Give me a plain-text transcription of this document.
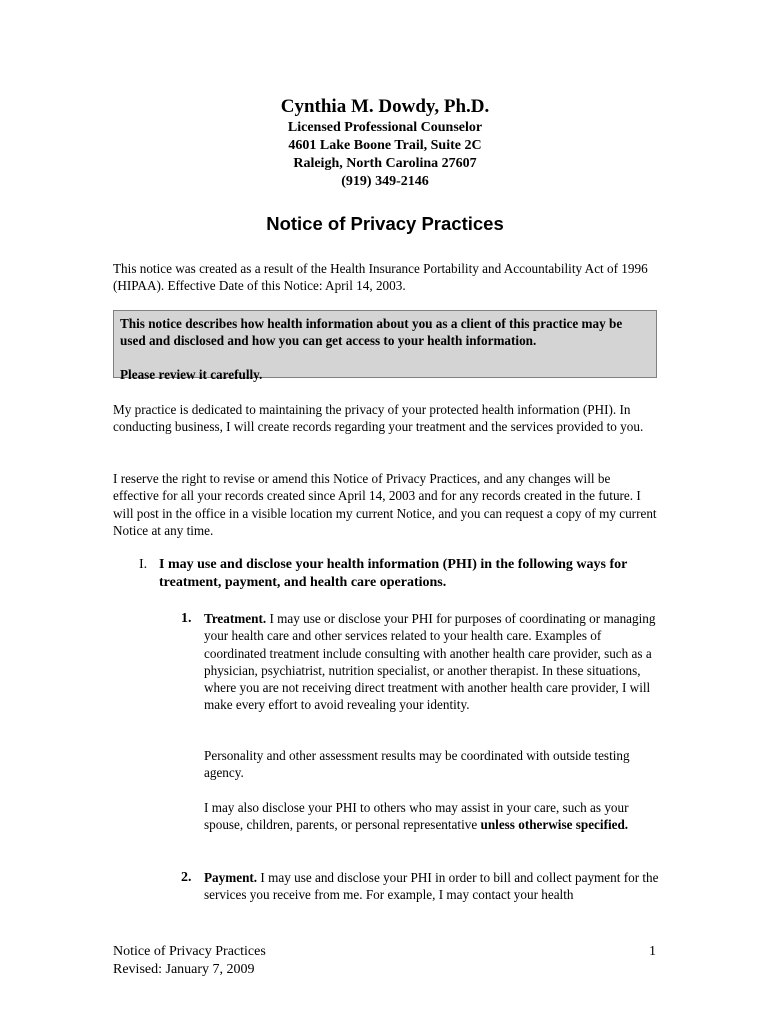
Cynthia M. Dowdy, Ph.D.
Licensed Professional Counselor
4601 Lake Boone Trail, Suite 2C
Raleigh, North Carolina 27607
(919) 349-2146
Notice of Privacy Practices

This notice was created as a result of the Health Insurance Portability and Accountability Act of 1996 (HIPAA). Effective Date of this Notice: April 14, 2003.

This notice describes how health information about you as a client of this practice may be used and disclosed and how you can get access to your health information.

Please review it carefully.

My practice is dedicated to maintaining the privacy of your protected health information (PHI). In conducting business, I will create records regarding your treatment and the services provided to you.

I reserve the right to revise or amend this Notice of Privacy Practices, and any changes will be effective for all your records created since April 14, 2003 and for any records created in the future. I will post in the office in a visible location my current Notice, and you can request a copy of my current Notice at any time.

I. I may use and disclose your health information (PHI) in the following ways for treatment, payment, and health care operations.
1. Treatment. I may use or disclose your PHI for purposes of coordinating or managing your health care and other services related to your health care. Examples of coordinated treatment include consulting with another health care provider, such as a physician, psychiatrist, nutrition specialist, or another therapist. In these situations, where you are not receiving direct treatment with another health care provider, I will make every effort to avoid revealing your identity.

Personality and other assessment results may be coordinated with outside testing agency.

I may also disclose your PHI to others who may assist in your care, such as your spouse, children, parents, or personal representative unless otherwise specified.

2. Payment. I may use and disclose your PHI in order to bill and collect payment for the services you receive from me. For example, I may contact your health
Notice of Privacy Practices
Revised: January 7, 2009
1
